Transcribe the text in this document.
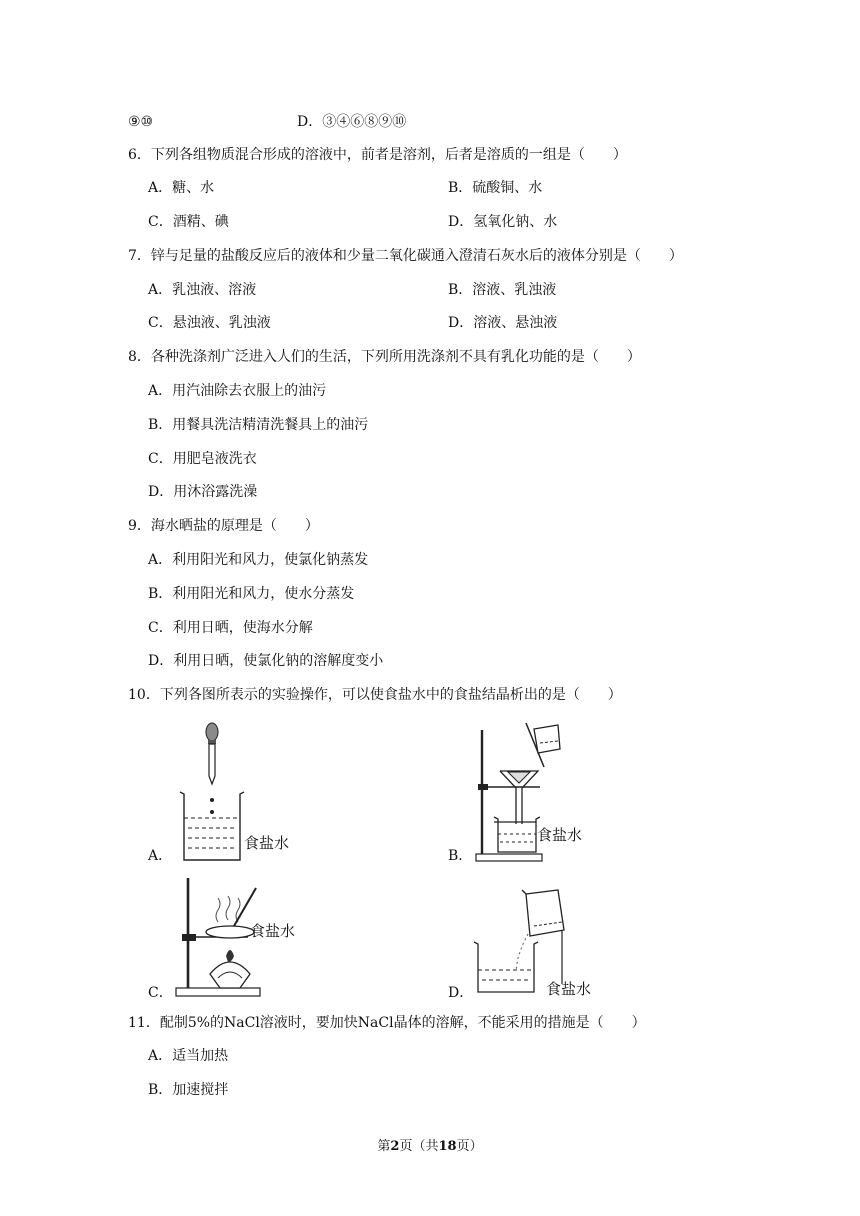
⑨⑩	D．③④⑥⑧⑨⑩
6．下列各组物质混合形成的溶液中，前者是溶剂，后者是溶质的一组是（　　）
A．糖、水	B．硫酸铜、水
C．酒精、碘	D．氢氧化钠、水
7．锌与足量的盐酸反应后的液体和少量二氧化碳通入澄清石灰水后的液体分别是（　　）
A．乳浊液、溶液	B．溶液、乳浊液
C．悬浊液、乳浊液	D．溶液、悬浊液
8．各种洗涤剂广泛进入人们的生活，下列所用洗涤剂不具有乳化功能的是（　　）
A．用汽油除去衣服上的油污
B．用餐具洗洁精清洗餐具上的油污
C．用肥皂液洗衣
D．用沐浴露洗澡
9．海水晒盐的原理是（　　）
A．利用阳光和风力，使氯化钠蒸发
B．利用阳光和风力，使水分蒸发
C．利用日晒，使海水分解
D．利用日晒，使氯化钠的溶解度变小
10．下列各图所表示的实验操作，可以使食盐水中的食盐结晶析出的是（　　）
食盐水
A．
食盐水
B．
食盐水
C．	食盐水
D．
11．配制5%的NaCl溶液时，要加快NaCl晶体的溶解，不能采用的措施是（　　）
A．适当加热
B．加速搅拌
第2页（共18页）
